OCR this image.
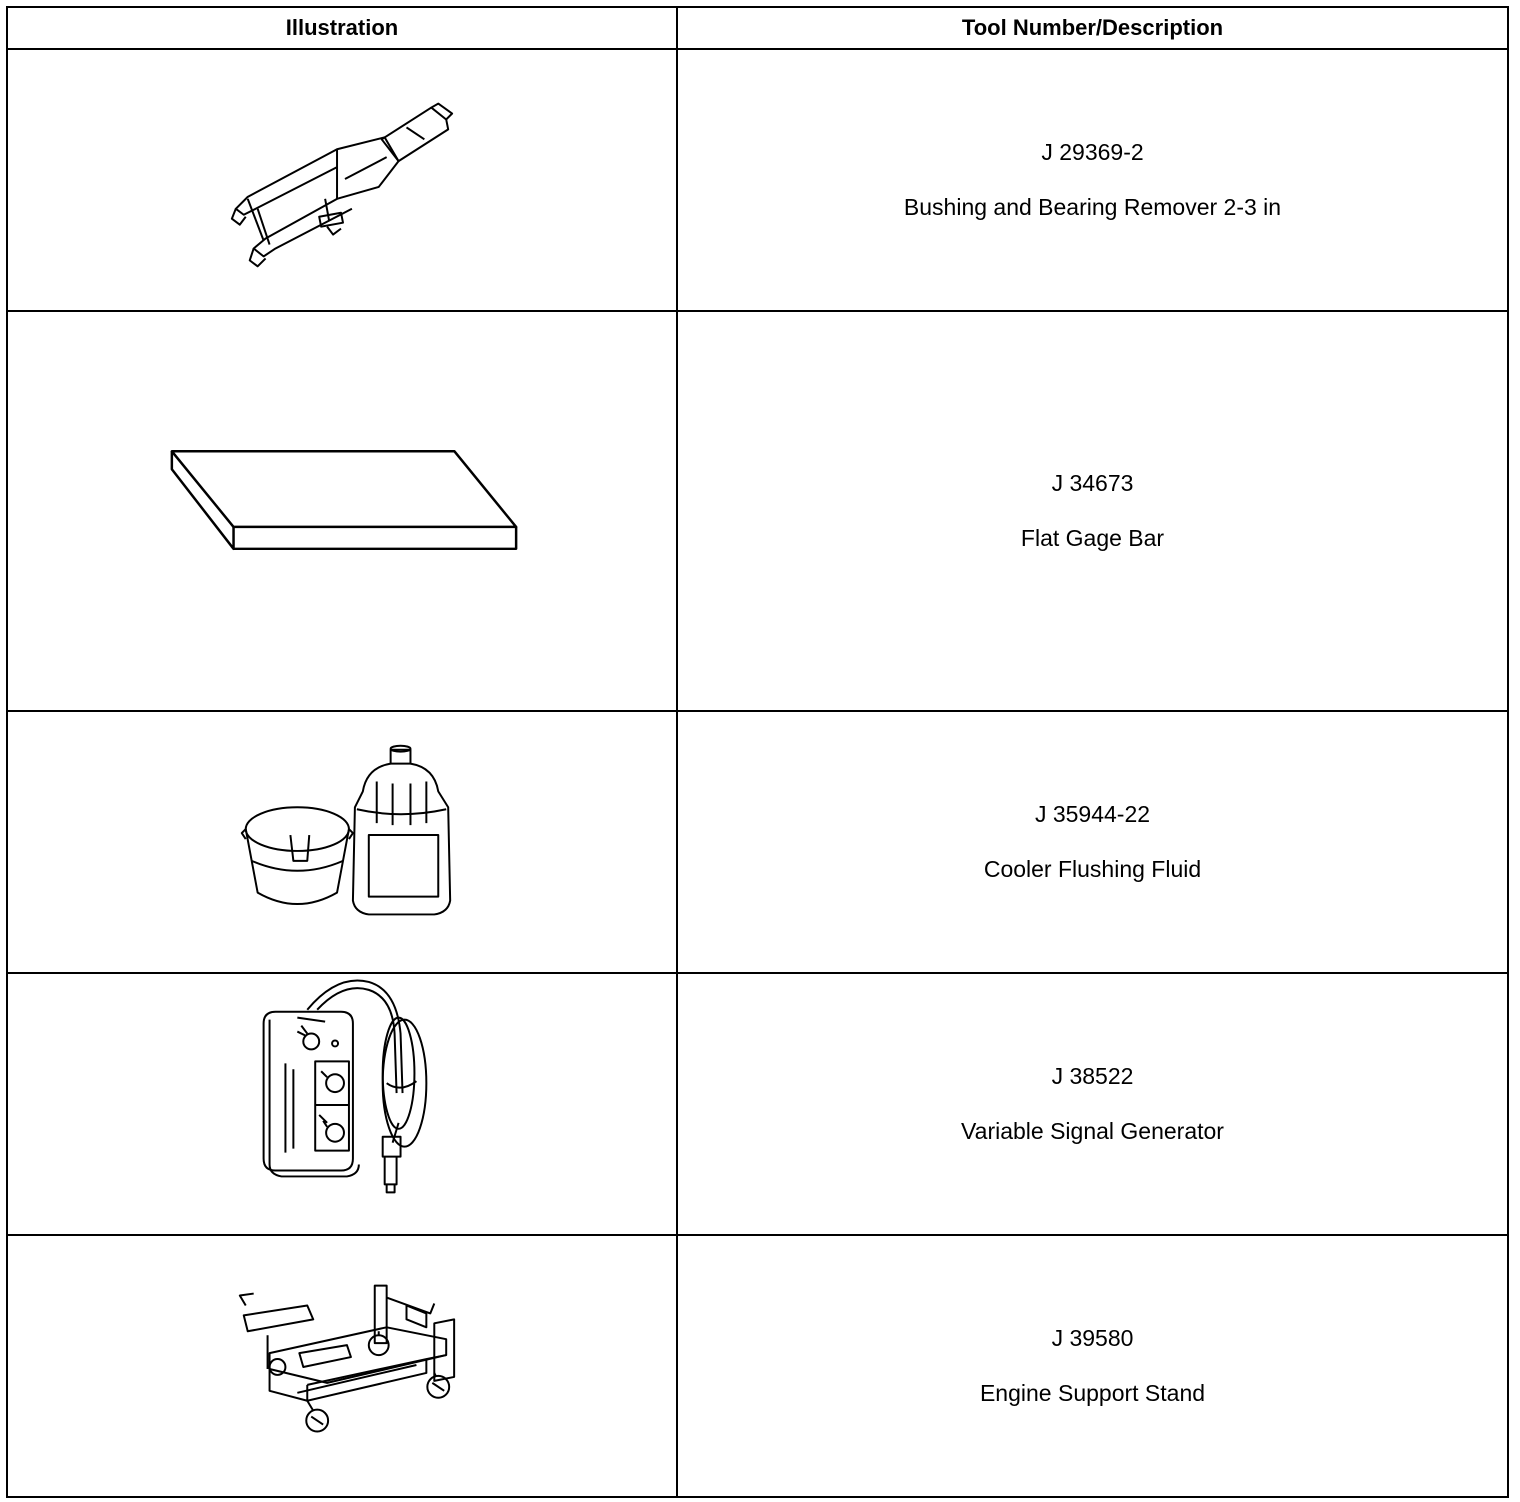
Illustration	Tool Number/Description

J 29369-2
Bushing and Bearing Remover 2-3 in

J 34673
Flat Gage Bar

J 35944-22
Cooler Flushing Fluid

J 38522
Variable Signal Generator

J 39580
Engine Support Stand
